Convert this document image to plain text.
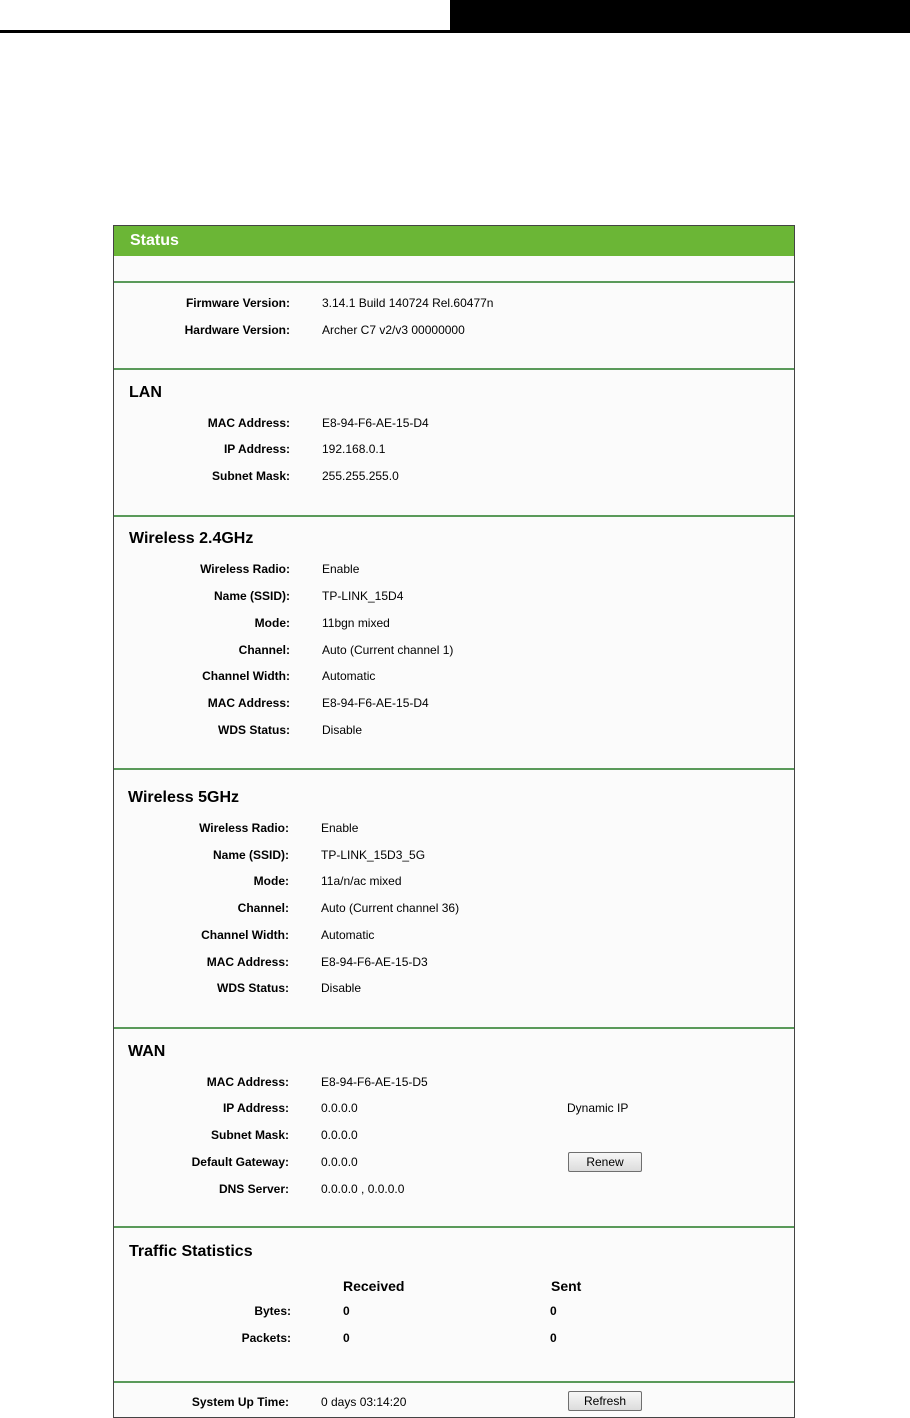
Status
Firmware Version:	3.14.1 Build 140724 Rel.60477n
Hardware Version:	Archer C7 v2/v3 00000000
LAN
MAC Address:	E8-94-F6-AE-15-D4
IP Address:	192.168.0.1
Subnet Mask:	255.255.255.0
Wireless 2.4GHz
Wireless Radio:	Enable
Name (SSID):	TP-LINK_15D4
Mode:	11bgn mixed
Channel:	Auto (Current channel 1)
Channel Width:	Automatic
MAC Address:	E8-94-F6-AE-15-D4
WDS Status:	Disable
Wireless 5GHz
Wireless Radio:	Enable
Name (SSID):	TP-LINK_15D3_5G
Mode:	11a/n/ac mixed
Channel:	Auto (Current channel 36)
Channel Width:	Automatic
MAC Address:	E8-94-F6-AE-15-D3
WDS Status:	Disable
WAN
MAC Address:	E8-94-F6-AE-15-D5
IP Address:	0.0.0.0	Dynamic IP
Subnet Mask:	0.0.0.0
Default Gateway:	0.0.0.0	Renew
DNS Server:	0.0.0.0 , 0.0.0.0
Traffic Statistics
Received	Sent
Bytes:	0	0
Packets:	0	0
System Up Time:	0 days 03:14:20	Refresh
